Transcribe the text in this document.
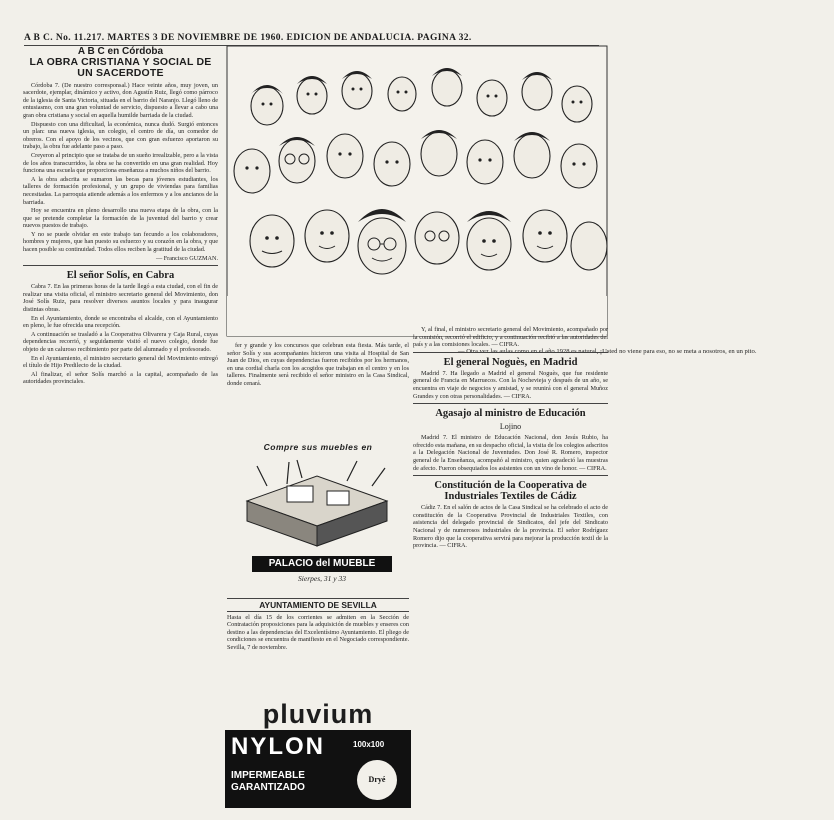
A B C. No. 11.217. MARTES 3 DE NOVIEMBRE DE 1960. EDICION DE ANDALUCIA. PAGINA 32.
A B C en Córdoba
LA OBRA CRISTIANA Y SOCIAL DE UN SACERDOTE

Córdoba 7. (De nuestro corresponsal.) Hace veinte años, muy joven, un sacerdote, ejemplar, dinámico y activo, don Agustín Ruiz, llegó como párroco de la iglesia de Santa Victoria, situada en el barrio del Naranjo. Llegó lleno de entusiasmo, con una gran voluntad de servicio, dispuesto a llevar a cabo una gran obra cristiana y social en aquella humilde barriada de la ciudad.

Dispuesto con una dificultad, la económica, nunca dudó. Surgió entonces un plan: una nueva iglesia, un colegio, el centro de día, un comedor de obreros. Con el apoyo de los vecinos, que con gran esfuerzo aportaron su trabajo, la obra fue adelante paso a paso.

Creyeron al principio que se trataba de un sueño irrealizable, pero a la vista de los años transcurridos, la obra se ha convertido en una gran realidad. Hoy funciona una escuela que proporciona enseñanza a muchos niños del barrio.

A la obra adscrita se sumaron las becas para jóvenes estudiantes, los talleres de formación profesional, y un grupo de viviendas para familias necesitadas. La parroquia atiende además a los enfermos y a los ancianos de la barriada.

Hoy se encuentra en pleno desarrollo una nueva etapa de la obra, con la que se pretende completar la formación de la juventud del barrio y crear nuevos puestos de trabajo.

Y no se puede olvidar en este trabajo tan fecundo a los colaboradores, hombres y mujeres, que han puesto su esfuerzo y su corazón en la obra, y que hacen posible su continuidad. Todos ellos reciben la gratitud de la ciudad.

— Francisco GUZMAN.

El señor Solís, en Cabra

Cabra 7. En las primeras horas de la tarde llegó a esta ciudad, con el fin de realizar una visita oficial, el ministro secretario general del Movimiento, don José Solís Ruiz, para resolver diversos asuntos locales y para inaugurar distintas obras.

En el Ayuntamiento, donde se encontraba el alcalde, con el Ayuntamiento en pleno, le fue ofrecida una recepción.

A continuación se trasladó a la Cooperativa Olivarera y Caja Rural, cuyas dependencias recorrió, y seguidamente visitó el nuevo colegio, donde fue objeto de un caluroso recibimiento por parte del alumnado y el profesorado.

En el Ayuntamiento, el ministro secretario general del Movimiento entregó el título de Hijo Predilecto de la ciudad.

Al finalizar, el señor Solís marchó a la capital, acompañado de las autoridades provinciales.

— Otra vez las aulas como en el año 1928 es natural, ¡Usted no viene para eso, no se meta a nosotros, en un pito.

fer y grande y los concursos que celebran esta fiesta. Más tarde, el señor Solís y sus acompañantes hicieron una visita al Hospital de San Juan de Dios, en cuyas dependencias fueron recibidos por los hermanos, en una cordial charla con los acogidos que trabajan en el centro y en los talleres. Finalmente será recibido el señor ministro en la Casa Sindical, donde cenará.

Compre sus muebles en
PALACIO del MUEBLE
Sierpes, 31 y 33
AYUNTAMIENTO DE SEVILLA
Hasta el día 15 de los corrientes se admiten en la Sección de Contratación proposiciones para la adquisición de muebles y enseres con destino a las dependencias del Excelentísimo Ayuntamiento. El pliego de condiciones se encuentra de manifiesto en el Negociado correspondiente. Sevilla, 7 de noviembre.
pluvium
NYLON	100x100
IMPERMEABLE
GARANTIZADO
Dryé

Y, al final, el ministro secretario general del Movimiento, acompañado por la comisión, recorrió el edificio, y a continuación recibió a las autoridades del país y a las comisiones locales. — CIFRA.

El general Noguès, en Madrid

Madrid 7. Ha llegado a Madrid el general Noguès, que fue residente general de Francia en Marruecos. Con la Nochevieja y después de un año, se encuentra en viaje de negocios y amistad, y se reunirá con el general Muñoz Grandes y con otras personalidades. — CIFRA.

Agasajo al ministro de Educación
Lojino

Madrid 7. El ministro de Educación Nacional, don Jesús Rubio, ha ofrecido esta mañana, en su despacho oficial, la visita de los colegios adscritos a la Delegación Nacional de Juventudes. Don José R. Romero, inspector general de la Enseñanza, acompañó al ministro, quien agradeció las muestras de afecto. Fueron obsequiados los asistentes con un vino de honor. — CIFRA.

Constitución de la Cooperativa de Industriales Textiles de Cádiz

Cádiz 7. En el salón de actos de la Casa Sindical se ha celebrado el acto de constitución de la Cooperativa Provincial de Industriales Textiles, con asistencia del delegado provincial de Sindicatos, del jefe del Sindicato Nacional y de numerosos industriales de la provincia. El señor Rodríguez Romero dijo que la cooperativa servirá para mejorar la producción textil de la provincia. — CIFRA.
